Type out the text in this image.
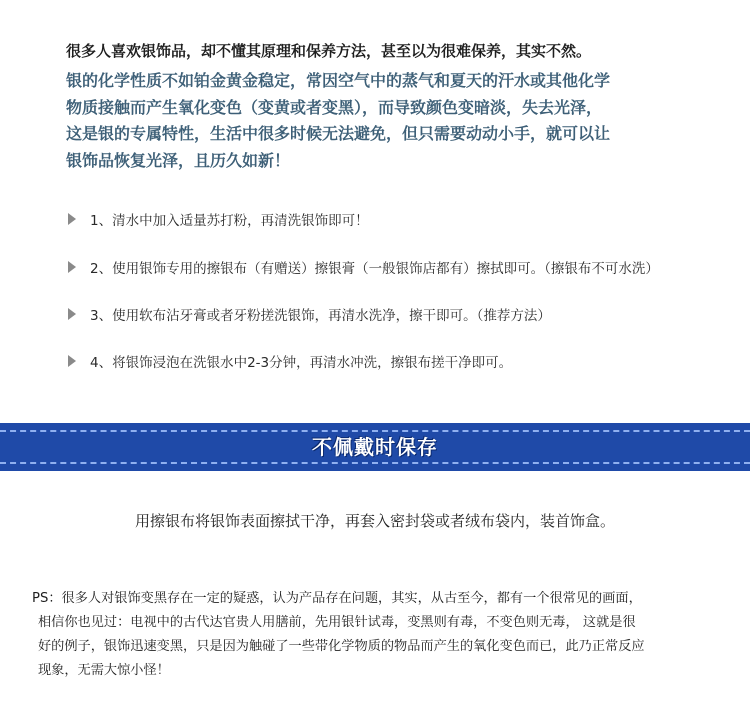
很多人喜欢银饰品，却不懂其原理和保养方法，甚至以为很难保养，其实不然。
银的化学性质不如铂金黄金稳定，常因空气中的蒸气和夏天的汗水或其他化学
物质接触而产生氧化变色（变黄或者变黑），而导致颜色变暗淡，失去光泽，
这是银的专属特性，生活中很多时候无法避免，但只需要动动小手，就可以让
银饰品恢复光泽，且历久如新！
1、清水中加入适量苏打粉，再清洗银饰即可！
2、使用银饰专用的擦银布（有赠送）擦银膏（一般银饰店都有）擦拭即可。（擦银布不可水洗）
3、使用软布沾牙膏或者牙粉搓洗银饰，再清水洗净，擦干即可。（推荐方法）
4、将银饰浸泡在洗银水中2-3分钟，再清水冲洗，擦银布搓干净即可。
不佩戴时保存
用擦银布将银饰表面擦拭干净，再套入密封袋或者绒布袋内，装首饰盒。
PS：很多人对银饰变黑存在一定的疑惑，认为产品存在问题，其实，从古至今，都有一个很常见的画面，
相信你也见过：电视中的古代达官贵人用膳前，先用银针试毒，变黑则有毒，不变色则无毒， 这就是很
好的例子，银饰迅速变黑，只是因为触碰了一些带化学物质的物品而产生的氧化变色而已，此乃正常反应
现象，无需大惊小怪！
